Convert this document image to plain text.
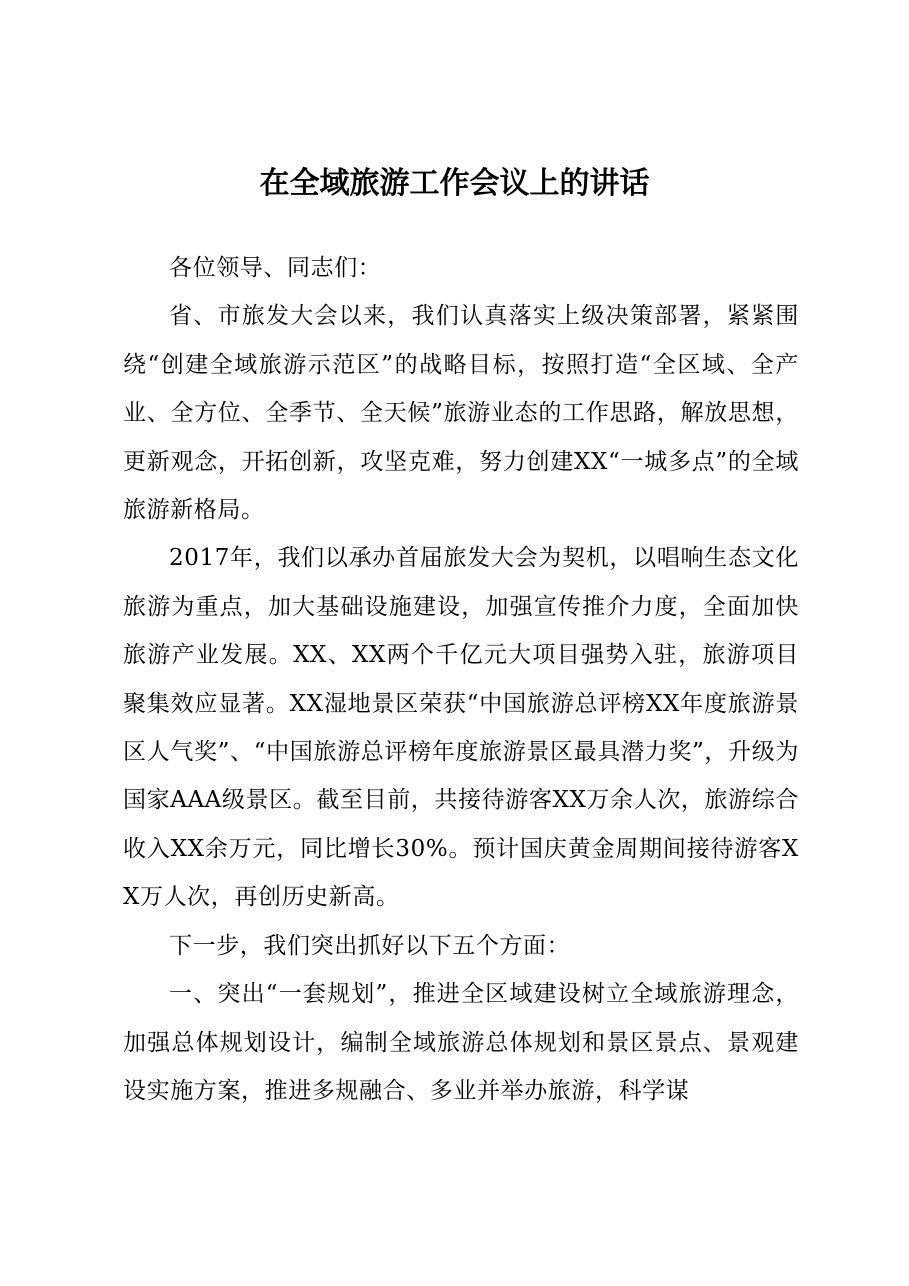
在全域旅游工作会议上的讲话

各位领导、同志们：

省、市旅发大会以来，我们认真落实上级决策部署，紧紧围绕“创建全域旅游示范区”的战略目标，按照打造“全区域、全产业、全方位、全季节、全天候”旅游业态的工作思路，解放思想，更新观念，开拓创新，攻坚克难，努力创建XX“一城多点”的全域旅游新格局。

2017年，我们以承办首届旅发大会为契机，以唱响生态文化旅游为重点，加大基础设施建设，加强宣传推介力度，全面加快旅游产业发展。XX、XX两个千亿元大项目强势入驻，旅游项目聚集效应显著。XX湿地景区荣获“中国旅游总评榜XX年度旅游景区人气奖”、“中国旅游总评榜年度旅游景区最具潜力奖”，升级为国家AAA级景区。截至目前，共接待游客XX万余人次，旅游综合收入XX余万元，同比增长30%。预计国庆黄金周期间接待游客XX万人次，再创历史新高。

下一步，我们突出抓好以下五个方面：

一、突出“一套规划”，推进全区域建设树立全域旅游理念，加强总体规划设计，编制全域旅游总体规划和景区景点、景观建设实施方案，推进多规融合、多业并举办旅游，科学谋
